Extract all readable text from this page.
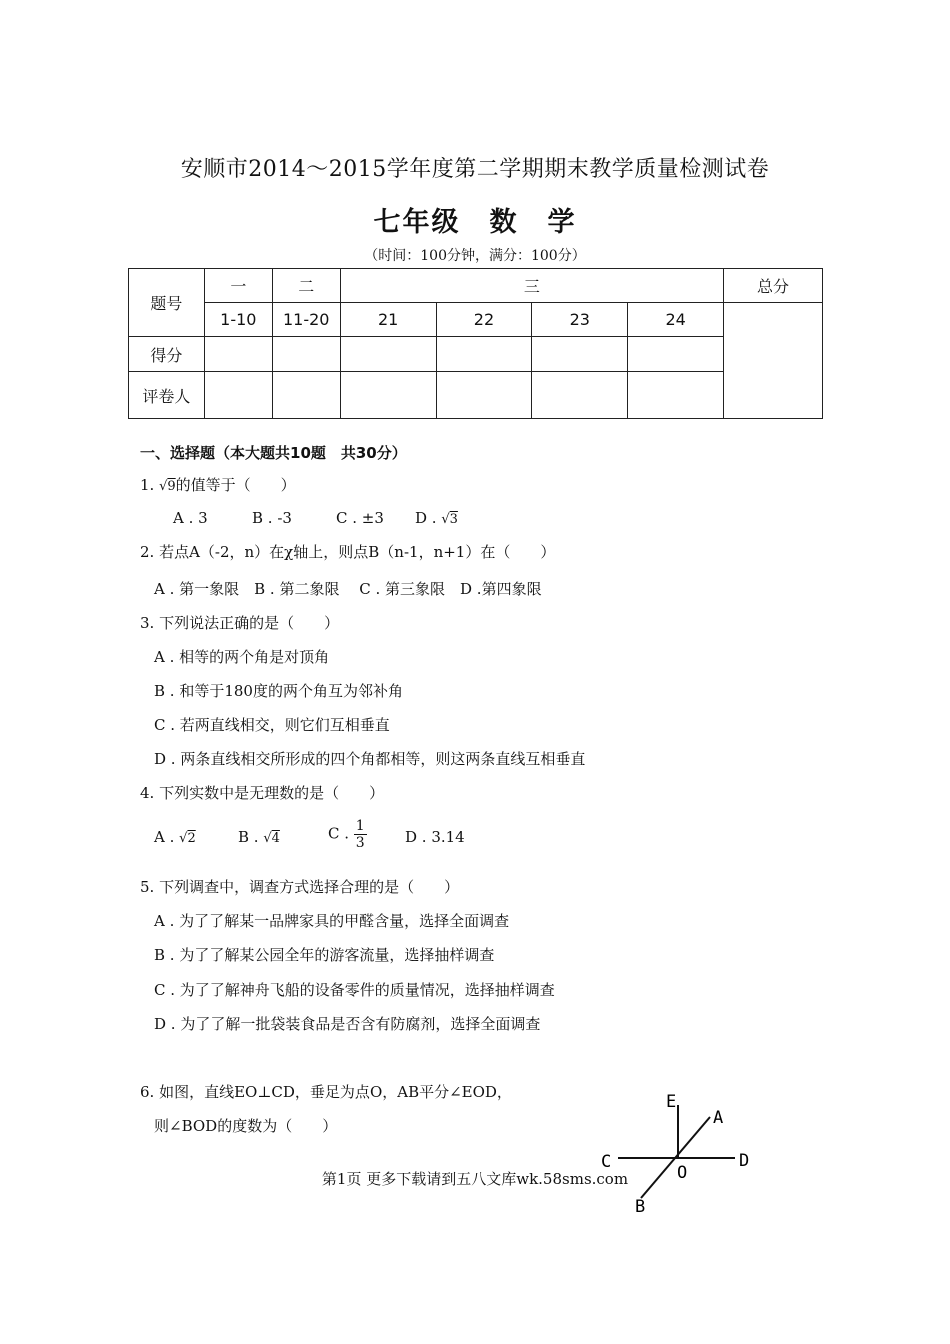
安顺市2014～2015学年度第二学期期末教学质量检测试卷
七年级　数　学
（时间：100分钟，满分：100分）
题号	一	二	三				总分
	1-10	11-20	21	22	23	24	
得分							
评卷人							
一、选择题（本大题共10题　共30分）
1. √9的值等于（　　）
A . 3	B . -3	C . ±3 D . √3
2. 若点A（-2，n）在χ轴上，则点B（n-1，n+1）在（　　）
A . 第一象限　B . 第二象限　 C . 第三象限　D .第四象限
3. 下列说法正确的是（　　）
A . 相等的两个角是对顶角
B . 和等于180度的两个角互为邻补角
C . 若两直线相交，则它们互相垂直
D . 两条直线相交所形成的四个角都相等，则这两条直线互相垂直
4. 下列实数中是无理数的是（　　）
A . √2	B . √4	C . $\frac{1}{3}$	D . 3.14
5. 下列调查中，调查方式选择合理的是（　　）
A . 为了了解某一品牌家具的甲醛含量，选择全面调查
B . 为了了解某公园全年的游客流量，选择抽样调查
C . 为了了解神舟飞船的设备零件的质量情况，选择抽样调查
D . 为了了解一批袋装食品是否含有防腐剂，选择全面调查
6. 如图，直线EO⊥CD，垂足为点O，AB平分∠EOD，
则∠BOD的度数为（　　）
E
A
C
O
D
B
第1页 更多下载请到五八文库wk.58sms.com
